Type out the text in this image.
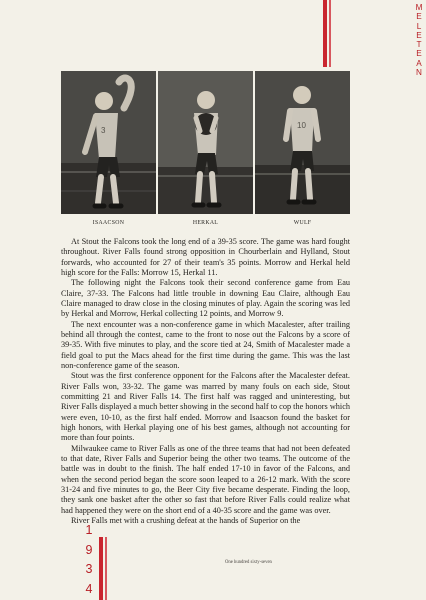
M
E
L
E
T
E
A
N
3
10
ISAACSON	HERKAL	WULF

At Stout the Falcons took the long end of a 39-35 score. The game was hard fought throughout. River Falls found strong opposition in Chourberlain and Hylland, Stout forwards, who accounted for 27 of their team's 35 points. Morrow and Herkal held high score for the Falls: Morrow 15, Herkal 11.

The following night the Falcons took their second conference game from Eau Claire, 37-33. The Falcons had little trouble in downing Eau Claire, although Eau Claire managed to draw close in the closing minutes of play. Again the scoring was led by Herkal and Morrow, Herkal collecting 12 points, and Morrow 9.

The next encounter was a non-conference game in which Macalester, after trailing behind all through the contest, came to the front to nose out the Falcons by a score of 39-35. With five minutes to play, and the score tied at 24, Smith of Macalester made a field goal to put the Macs ahead for the first time during the game. This was the last non-conference game of the season.

Stout was the first conference opponent for the Falcons after the Macalester defeat. River Falls won, 33-32. The game was marred by many fouls on each side, Stout committing 21 and River Falls 14. The first half was ragged and uninteresting, but River Falls displayed a much better showing in the second half to cop the honors which were even, 10-10, as the first half ended. Morrow and Isaacson found the basket for high honors, with Herkal playing one of his best games, although not accounting for more than four points.

Milwaukee came to River Falls as one of the three teams that had not been defeated to that date, River Falls and Superior being the other two teams. The outcome of the battle was in doubt to the finish. The half ended 17-10 in favor of the Falcons, and when the second period began the score soon leaped to a 26-12 mark. With the score 31-24 and five minutes to go, the Beer City five became desperate. Finding the loop, they sank one basket after the other so fast that before River Falls could realize what had happened they were on the short end of a 40-35 score and the game was over.

River Falls met with a crushing defeat at the hands of Superior on the

1
9
3
4
One hundred sixty-seven
